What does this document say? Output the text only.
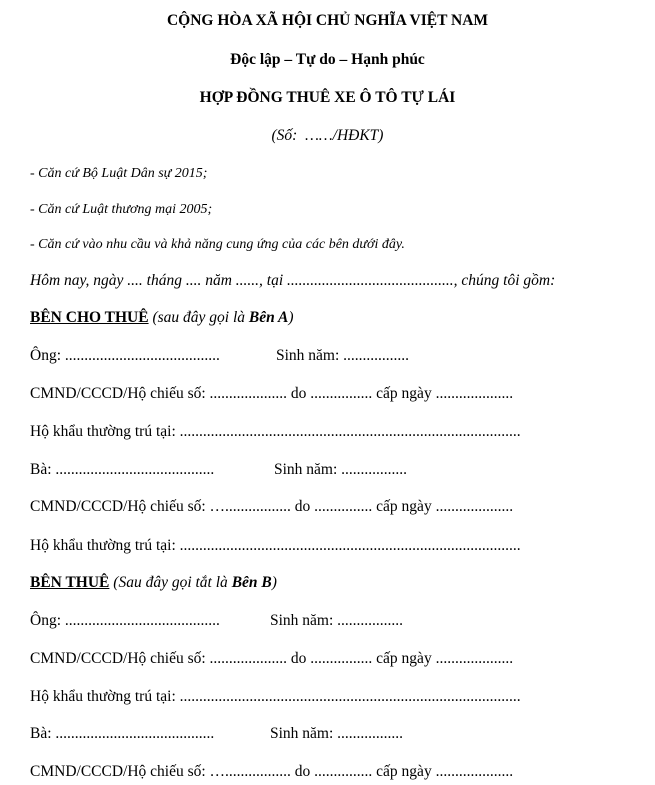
CỘNG HÒA XÃ HỘI CHỦ NGHĨA VIỆT NAM
Độc lập – Tự do – Hạnh phúc
HỢP ĐỒNG THUÊ XE Ô TÔ TỰ LÁI
(Số:  ……/HĐKT)
- Căn cứ Bộ Luật Dân sự 2015;
- Căn cứ Luật thương mại 2005;
- Căn cứ vào nhu cầu và khả năng cung ứng của các bên dưới đây.
Hôm nay, ngày .... tháng .... năm ......, tại ..........................................., chúng tôi gồm:
BÊN CHO THUÊ (sau đây gọi là Bên A)
Ông: ........................................	Sinh năm: .................
CMND/CCCD/Hộ chiếu số: .................... do ................ cấp ngày ....................
Hộ khẩu thường trú tại: ........................................................................................
Bà: .........................................	Sinh năm: .................
CMND/CCCD/Hộ chiếu số: …................. do ............... cấp ngày ....................
Hộ khẩu thường trú tại: ........................................................................................
BÊN THUÊ (Sau đây gọi tắt là Bên B)
Ông: ........................................	Sinh năm: .................
CMND/CCCD/Hộ chiếu số: .................... do ................ cấp ngày ....................
Hộ khẩu thường trú tại: ........................................................................................
Bà: .........................................	Sinh năm: .................
CMND/CCCD/Hộ chiếu số: …................. do ............... cấp ngày ....................
